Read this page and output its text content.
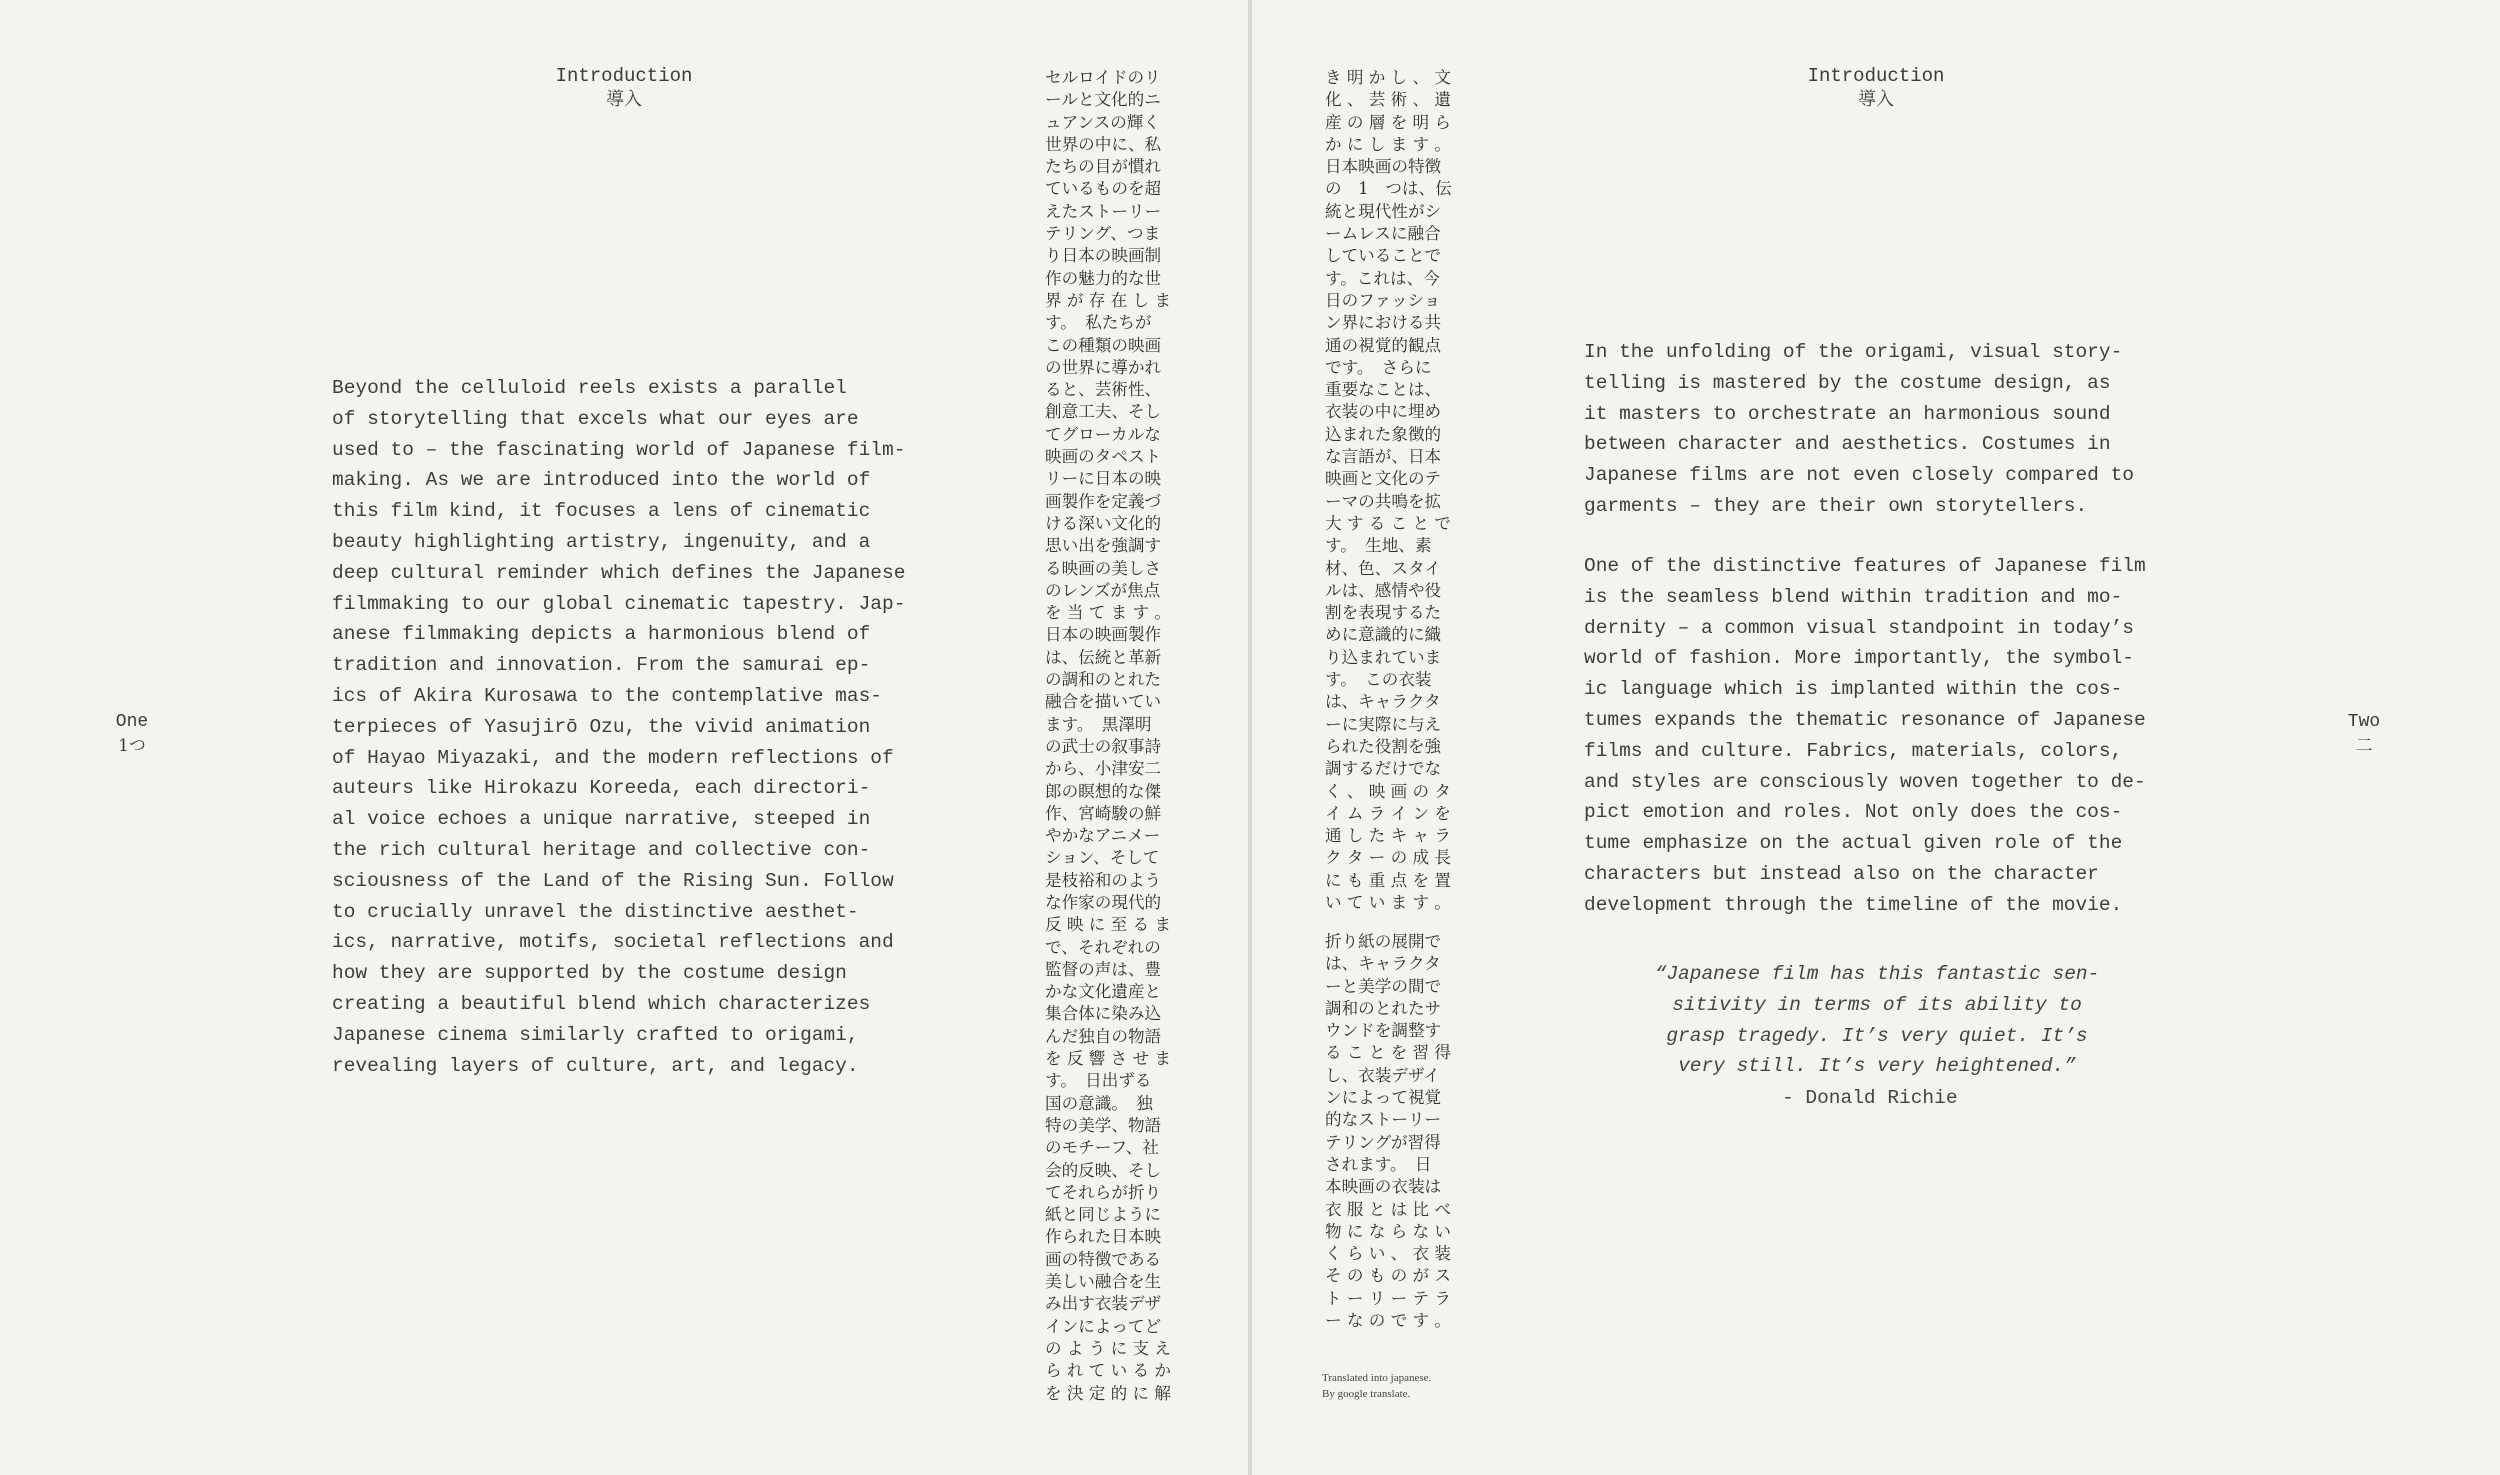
Introduction
導入
One
1つ
Beyond the celluloid reels exists a parallel
of storytelling that excels what our eyes are
used to – the fascinating world of Japanese film-
making. As we are introduced into the world of
this film kind, it focuses a lens of cinematic
beauty highlighting artistry, ingenuity, and a
deep cultural reminder which defines the Japanese
filmmaking to our global cinematic tapestry. Jap-
anese filmmaking depicts a harmonious blend of
tradition and innovation. From the samurai ep-
ics of Akira Kurosawa to the contemplative mas-
terpieces of Yasujirō Ozu, the vivid animation
of Hayao Miyazaki, and the modern reflections of
auteurs like Hirokazu Koreeda, each directori-
al voice echoes a unique narrative, steeped in
the rich cultural heritage and collective con-
sciousness of the Land of the Rising Sun. Follow
to crucially unravel the distinctive aesthet-
ics, narrative, motifs, societal reflections and
how they are supported by the costume design
creating a beautiful blend which characterizes
Japanese cinema similarly crafted to origami,
revealing layers of culture, art, and legacy.
セルロイドのリ
ールと文化的ニ
ュアンスの輝く
世界の中に、私
たちの目が慣れ
ているものを超
えたストーリー
テリング、つま
り日本の映画制
作の魅力的な世
界 が 存 在 し ま
す。　私たちが
この種類の映画
の世界に導かれ
ると、芸術性、
創意工夫、そし
てグローカルな
映画のタペスト
リーに日本の映
画製作を定義づ
ける深い文化的
思い出を強調す
る映画の美しさ
のレンズが焦点
を 当 て ま す 。
日本の映画製作
は、伝統と革新
の調和のとれた
融合を描いてい
ます。　黒澤明
の武士の叙事詩
から、小津安二
郎の瞑想的な傑
作、宮崎駿の鮮
やかなアニメー
ション、そして
是枝裕和のよう
な作家の現代的
反 映 に 至 る ま
で、それぞれの
監督の声は、豊
かな文化遺産と
集合体に染み込
んだ独自の物語
を 反 響 さ せ ま
す。　日出ずる
国の意識。　独
特の美学、物語
のモチーフ、社
会的反映、そし
てそれらが折り
紙と同じように
作られた日本映
画の特徴である
美しい融合を生
み出す衣装デザ
インによってど
の よ う に 支 え
ら れ て い る か
を 決 定 的 に 解
き 明 か し 、 文
化 、 芸 術 、 遺
産 の 層 を 明 ら
か に し ま す 。
日本映画の特徴
の　1　つは、伝
統と現代性がシ
ームレスに融合
していることで
す。これは、今
日のファッショ
ン界における共
通の視覚的観点
です。　さらに
重要なことは、
衣装の中に埋め
込まれた象徴的
な言語が、日本
映画と文化のテ
ーマの共鳴を拡
大 す る こ と で
す。　生地、素
材、色、スタイ
ルは、感情や役
割を表現するた
めに意識的に織
り込まれていま
す。　この衣装
は、キャラクタ
ーに実際に与え
られた役割を強
調するだけでな
く 、 映 画 の タ
イ ム ラ イ ン を
通 し た キ ャ ラ
ク タ ー の 成 長
に も 重 点 を 置
い て い ま す 。
折り紙の展開で
は、キャラクタ
ーと美学の間で
調和のとれたサ
ウンドを調整す
る こ と を 習 得
し、衣装デザイ
ンによって視覚
的なストーリー
テリングが習得
されます。　日
本映画の衣装は
衣 服 と は 比 べ
物 に な ら な い
く ら い 、 衣 装
そ の も の が ス
ト ー リ ー テ ラ
ー な の で す 。
Translated into japanese.
By google translate.
Introduction
導入
In the unfolding of the origami, visual story-
telling is mastered by the costume design, as
it masters to orchestrate an harmonious sound
between character and aesthetics. Costumes in
Japanese films are not even closely compared to
garments – they are their own storytellers.
One of the distinctive features of Japanese film
is the seamless blend within tradition and mo-
dernity – a common visual standpoint in today’s
world of fashion. More importantly, the symbol-
ic language which is implanted within the cos-
tumes expands the thematic resonance of Japanese
films and culture. Fabrics, materials, colors,
and styles are consciously woven together to de-
pict emotion and roles. Not only does the cos-
tume emphasize on the actual given role of the
characters but instead also on the character
development through the timeline of the movie.
“Japanese film has this fantastic sen-
sitivity in terms of its ability to
grasp tragedy. It’s very quiet. It’s
very still. It’s very heightened.”
- Donald Richie
Two
二
